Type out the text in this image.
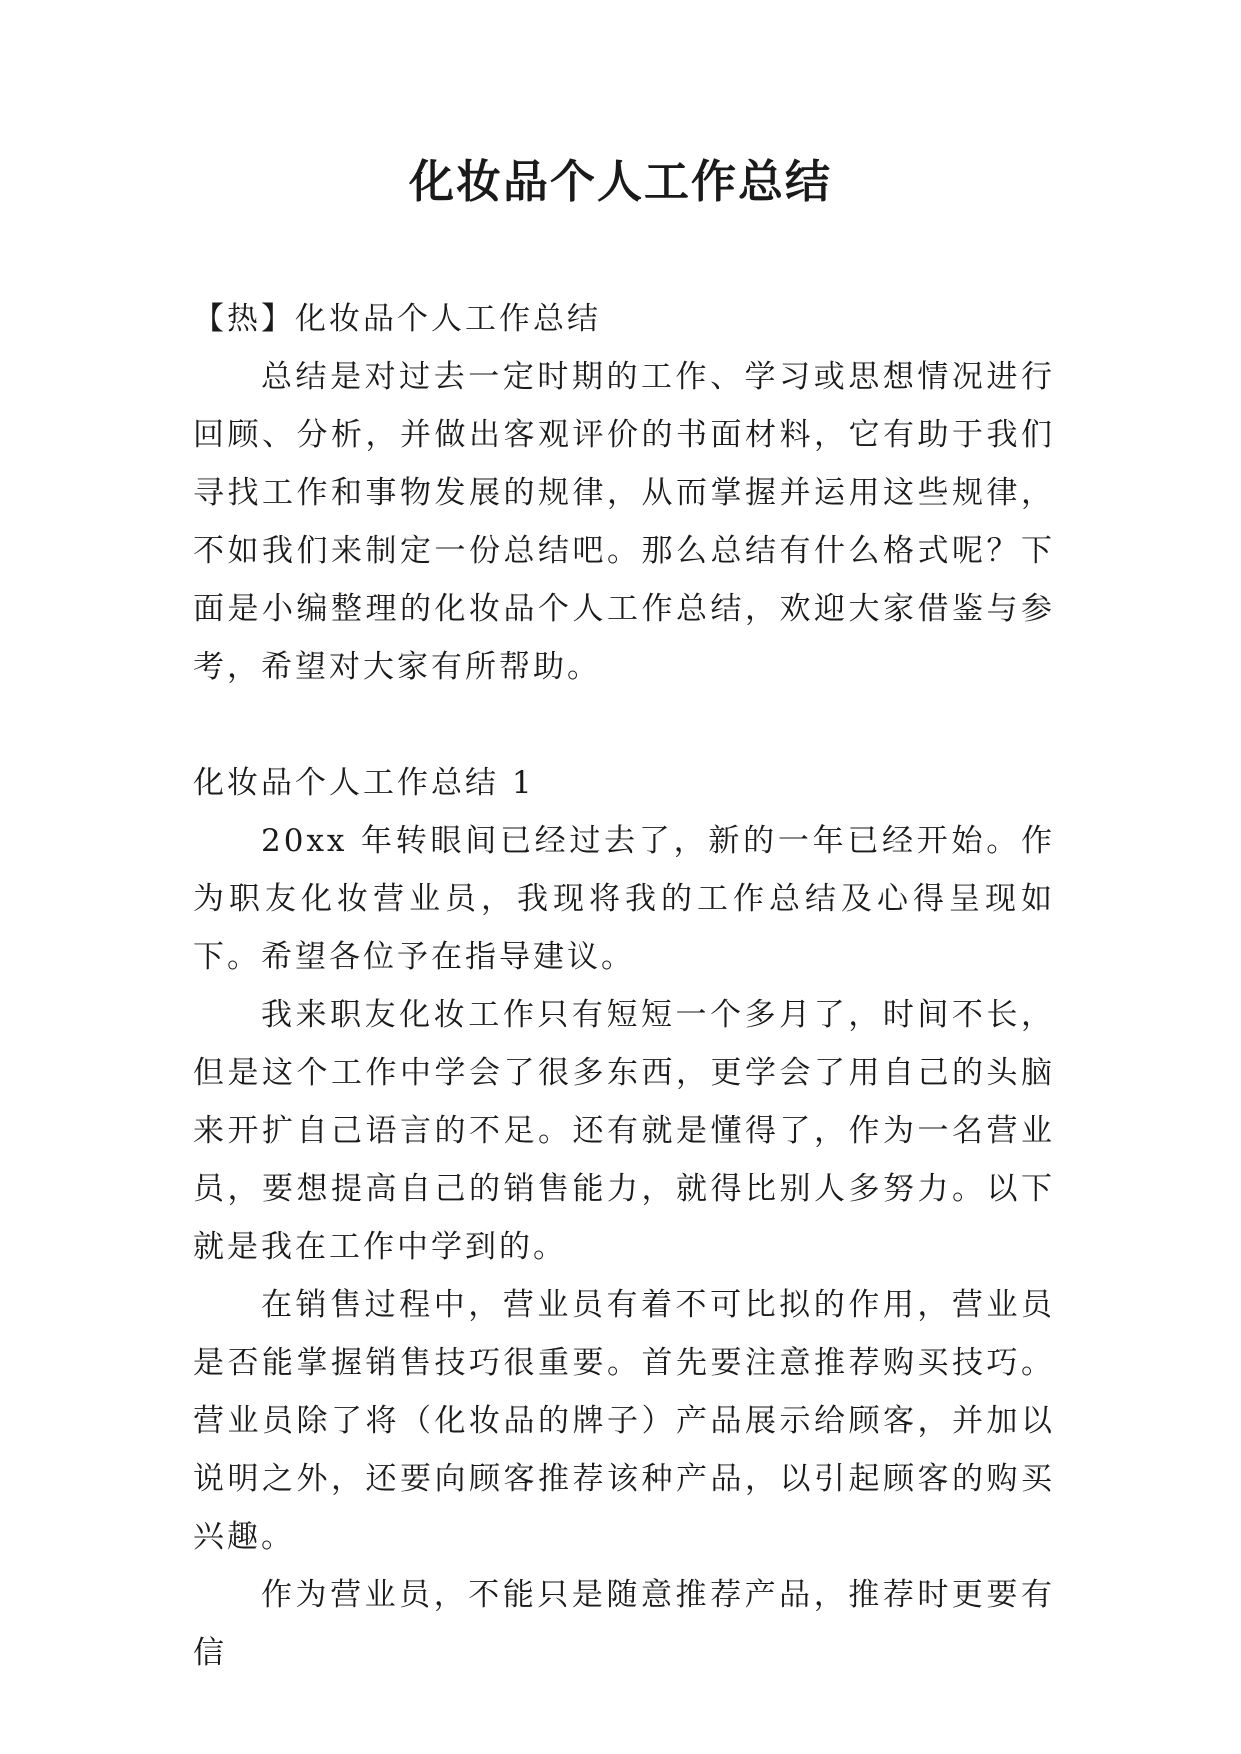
化妆品个人工作总结

【热】化妆品个人工作总结

总结是对过去一定时期的工作、学习或思想情况进行回顾、分析，并做出客观评价的书面材料，它有助于我们寻找工作和事物发展的规律，从而掌握并运用这些规律，不如我们来制定一份总结吧。那么总结有什么格式呢？下面是小编整理的化妆品个人工作总结，欢迎大家借鉴与参考，希望对大家有所帮助。

化妆品个人工作总结 1

20xx 年转眼间已经过去了，新的一年已经开始。作为职友化妆营业员，我现将我的工作总结及心得呈现如下。希望各位予在指导建议。

我来职友化妆工作只有短短一个多月了，时间不长，但是这个工作中学会了很多东西，更学会了用自己的头脑来开扩自己语言的不足。还有就是懂得了，作为一名营业员，要想提高自己的销售能力，就得比别人多努力。以下就是我在工作中学到的。

在销售过程中，营业员有着不可比拟的作用，营业员是否能掌握销售技巧很重要。首先要注意推荐购买技巧。营业员除了将（化妆品的牌子）产品展示给顾客，并加以说明之外，还要向顾客推荐该种产品，以引起顾客的购买兴趣。

作为营业员，不能只是随意推荐产品，推荐时更要有信
